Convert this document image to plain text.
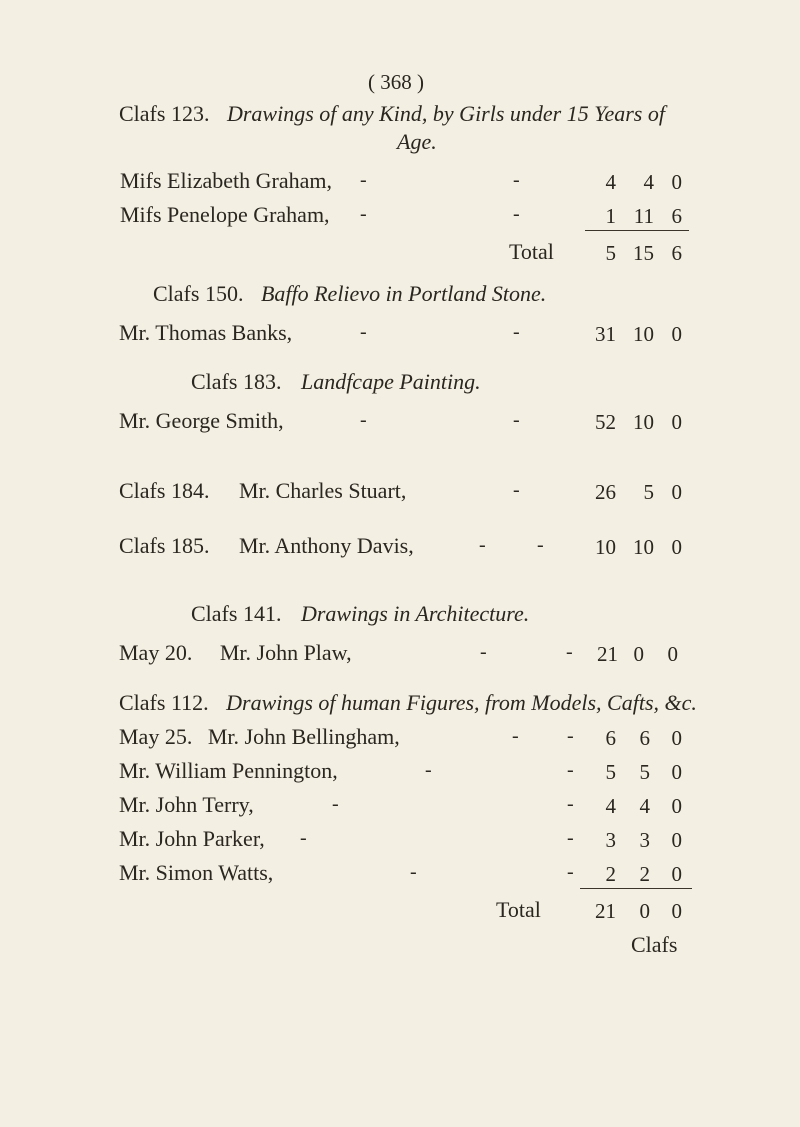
( 368 )
Clafs 123. Drawings of any Kind, by Girls under 15 Years of
Age.
Mifs Elizabeth Graham, -	-	4	4 0
Mifs Penelope Graham, -	-	1 11 6
Total	5 15 6
Clafs 150. Baffo Relievo in Portland Stone.
Mr. Thomas Banks,	-	-	31 10 0
Clafs 183. Landfcape Painting.
Mr. George Smith,	-	-	52 10 0
Clafs 184. Mr. Charles Stuart,	-	26	5 0
Clafs 185. Mr. Anthony Davis,	-	-	10 10 0
Clafs 141. Drawings in Architecture.
May 20. Mr. John Plaw,	-	-	21 0	0
Clafs 112. Drawings of human Figures, from Models, Cafts, &c.
May 25. Mr. John Bellingham,	- -	6	6	0
Mr. William Pennington,	-	-	5	5	0
Mr. John Terry,	-	-	4	4	0
Mr. John Parker, -	-	3	3	0
Mr. Simon Watts,	-	-	2	2	0
Total	21	0	0
Clafs
